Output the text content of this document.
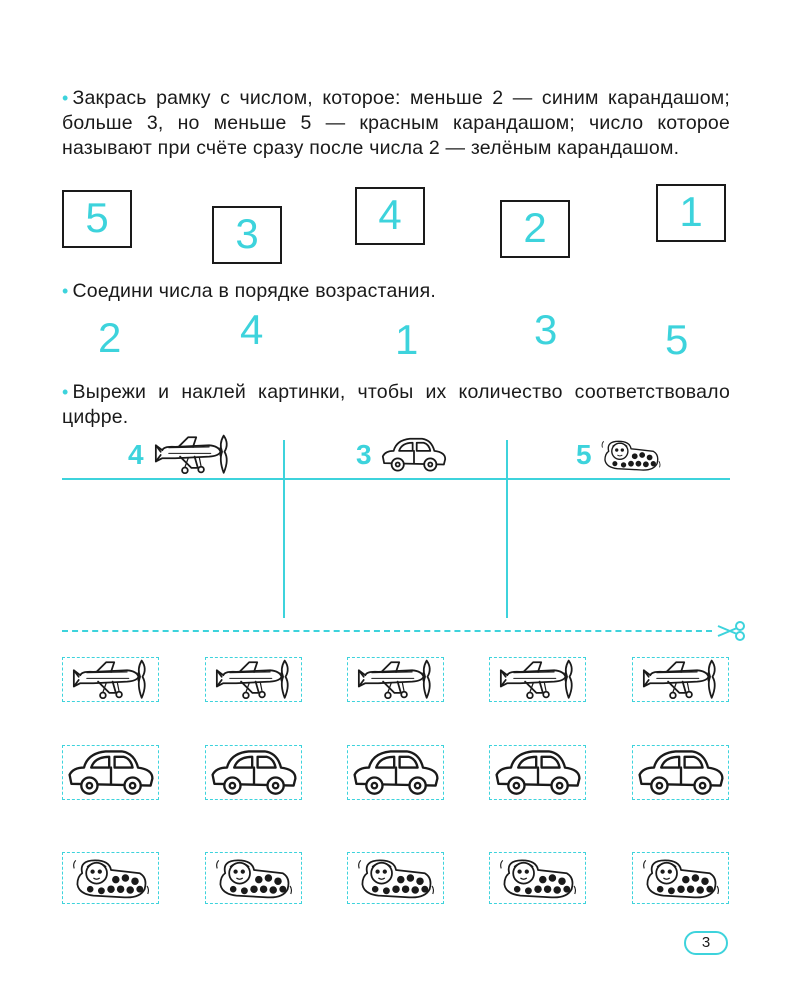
• Закрась рамку с числом, которое: меньше 2 — синим карандашом; больше 3, но меньше 5 — красным карандашом; число которое называют при счёте сразу после числа 2 — зелёным карандашом.
5	3	4	2	1
• Соедини числа в порядке возрастания.
2	4	1	3	5
• Вырежи и наклей картинки, чтобы их количество соответствовало цифре.
4	3	5
3
